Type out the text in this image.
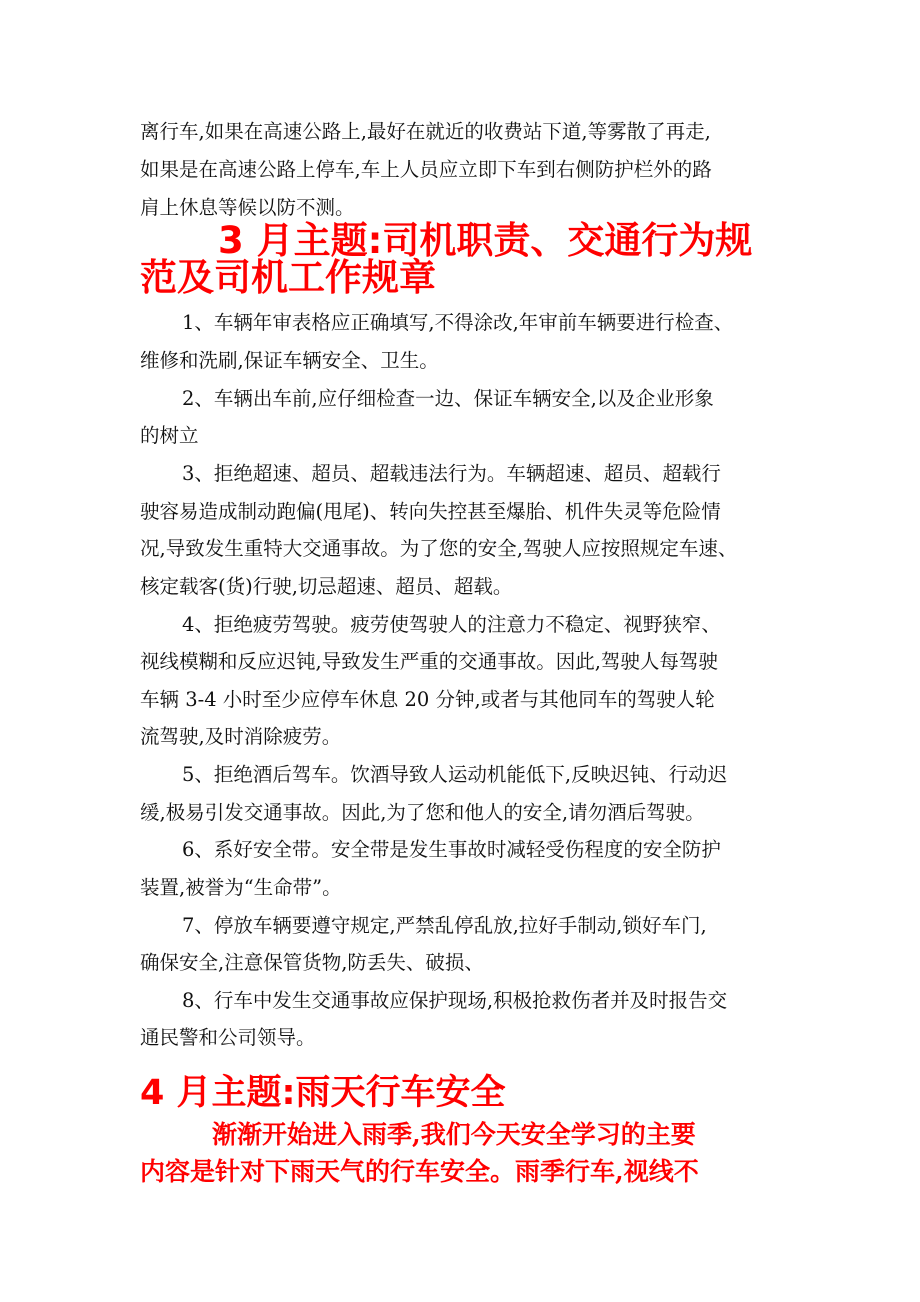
离行车,如果在高速公路上,最好在就近的收费站下道,等雾散了再走,
如果是在高速公路上停车,车上人员应立即下车到右侧防护栏外的路
肩上休息等候以防不测。
3 月主题:司机职责、交通行为规
范及司机工作规章
1、车辆年审表格应正确填写,不得涂改,年审前车辆要进行检查、
维修和洗刷,保证车辆安全、卫生。
2、车辆出车前,应仔细检查一边、保证车辆安全,以及企业形象
的树立
3、拒绝超速、超员、超载违法行为。车辆超速、超员、超载行
驶容易造成制动跑偏(甩尾)、转向失控甚至爆胎、机件失灵等危险情
况,导致发生重特大交通事故。为了您的安全,驾驶人应按照规定车速、
核定载客(货)行驶,切忌超速、超员、超载。
4、拒绝疲劳驾驶。疲劳使驾驶人的注意力不稳定、视野狭窄、
视线模糊和反应迟钝,导致发生严重的交通事故。因此,驾驶人每驾驶
车辆 3-4 小时至少应停车休息 20 分钟,或者与其他同车的驾驶人轮
流驾驶,及时消除疲劳。
5、拒绝酒后驾车。饮酒导致人运动机能低下,反映迟钝、行动迟
缓,极易引发交通事故。因此,为了您和他人的安全,请勿酒后驾驶。
6、系好安全带。安全带是发生事故时减轻受伤程度的安全防护
装置,被誉为“生命带”。
7、停放车辆要遵守规定,严禁乱停乱放,拉好手制动,锁好车门,
确保安全,注意保管货物,防丢失、破损、
8、行车中发生交通事故应保护现场,积极抢救伤者并及时报告交
通民警和公司领导。
4 月主题:雨天行车安全
渐渐开始进入雨季,我们今天安全学习的主要
内容是针对下雨天气的行车安全。雨季行车,视线不
